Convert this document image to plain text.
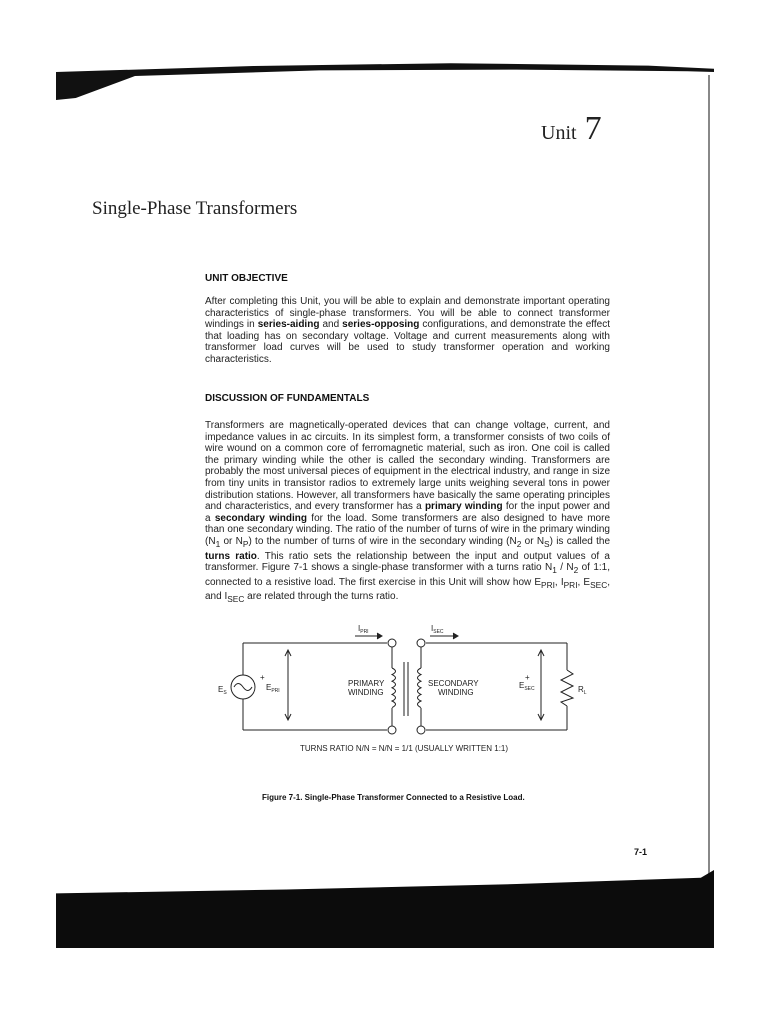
Unit 7
Single-Phase Transformers
UNIT OBJECTIVE

After completing this Unit, you will be able to explain and demonstrate important operating characteristics of single-phase transformers. You will be able to connect transformer windings in series-aiding and series-opposing configurations, and demonstrate the effect that loading has on secondary voltage. Voltage and current measurements along with transformer load curves will be used to study transformer operation and working characteristics.

DISCUSSION OF FUNDAMENTALS

Transformers are magnetically-operated devices that can change voltage, current, and impedance values in ac circuits. In its simplest form, a transformer consists of two coils of wire wound on a common core of ferromagnetic material, such as iron. One coil is called the primary winding while the other is called the secondary winding. Transformers are probably the most universal pieces of equipment in the electrical industry, and range in size from tiny units in transistor radios to extremely large units weighing several tons in power distribution stations. However, all transformers have basically the same operating principles and characteristics, and every transformer has a primary winding for the input power and a secondary winding for the load. Some transformers are also designed to have more than one secondary winding. The ratio of the number of turns of wire in the primary winding ($N_1$ or $N_P$) to the number of turns of wire in the secondary winding ($N_2$ or $N_S$) is called the turns ratio. This ratio sets the relationship between the input and output values of a transformer. Figure 7-1 shows a single-phase transformer with a turns ratio $N_1 / N_2$ of 1:1, connected to a resistive load. The first exercise in this Unit will show how $E_{PRI}$, $I_{PRI}$, $E_{SEC}$, and $I_{SEC}$ are related through the turns ratio.

$I_{PRI}$	$I_{SEC}$
$E_S$
+
$E_{PRI}$
PRIMARY
WINDING
SECONDARY
WINDING
+
$E_{SEC}$	$R_L$
TURNS RATIO N/N = N/N = 1/1 (USUALLY WRITTEN 1:1)
Figure 7-1. Single-Phase Transformer Connected to a Resistive Load.
7-1
